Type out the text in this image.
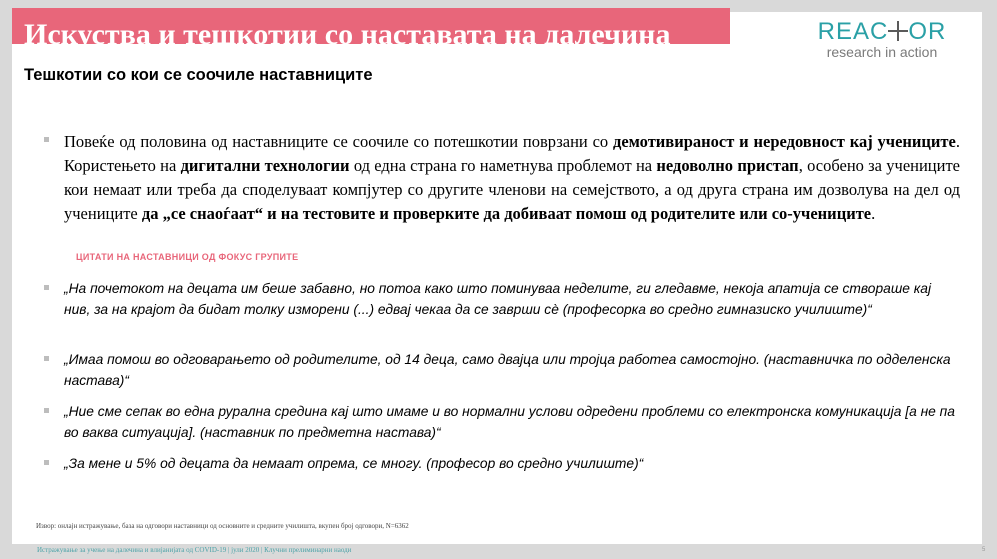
Искуства и тешкотии со наставата на далечина
Тешкотии со кои се соочиле наставниците
REAC OR
research in action

Повеќе од половина од наставниците се соочиле со потешкотии поврзани со демотивираност и нередовност кај учениците. Користењето на дигитални технологии од една страна го наметнува проблемот на недоволно пристап, особено за учениците кои немаат или треба да споделуваат компјутер со другите членови на семејството, а од друга страна им дозволува на дел од учениците да „се снаоѓаат“ и на тестовите и проверките да добиваат помош од родителите или со-учениците.

ЦИТАТИ НА НАСТАВНИЦИ ОД ФОКУС ГРУПИТЕ

„На почетокот на децата им беше забавно, но потоа како што поминуваа неделите, ги гледавме, некоја апатија се створаше кај нив, за на крајот да бидат толку изморени (...) едвај чекаа да се заврши сè (професорка во средно гимназиско училиште)“

„Имаа помош во одговарањето од родителите, од 14 деца, само двајца или тројца работеа самостојно. (наставничка по одделенска настава)“

„Ние сме сепак во една рурална средина кај што имаме и во нормални услови одредени проблеми со електронска комуникација [а не па во ваква ситуација]. (наставник по предметна настава)“

„За мене и 5% од децата да немаат опрема, се многу. (професор во средно училиште)“

Извор: онлајн истражување, база на одговори наставници од основните и средните училишта, вкупен број одговори, N=6362
Истражување за учење на далечина и влијанијата од COVID-19 | јули 2020 | Клучни прелиминарни наоди	5
